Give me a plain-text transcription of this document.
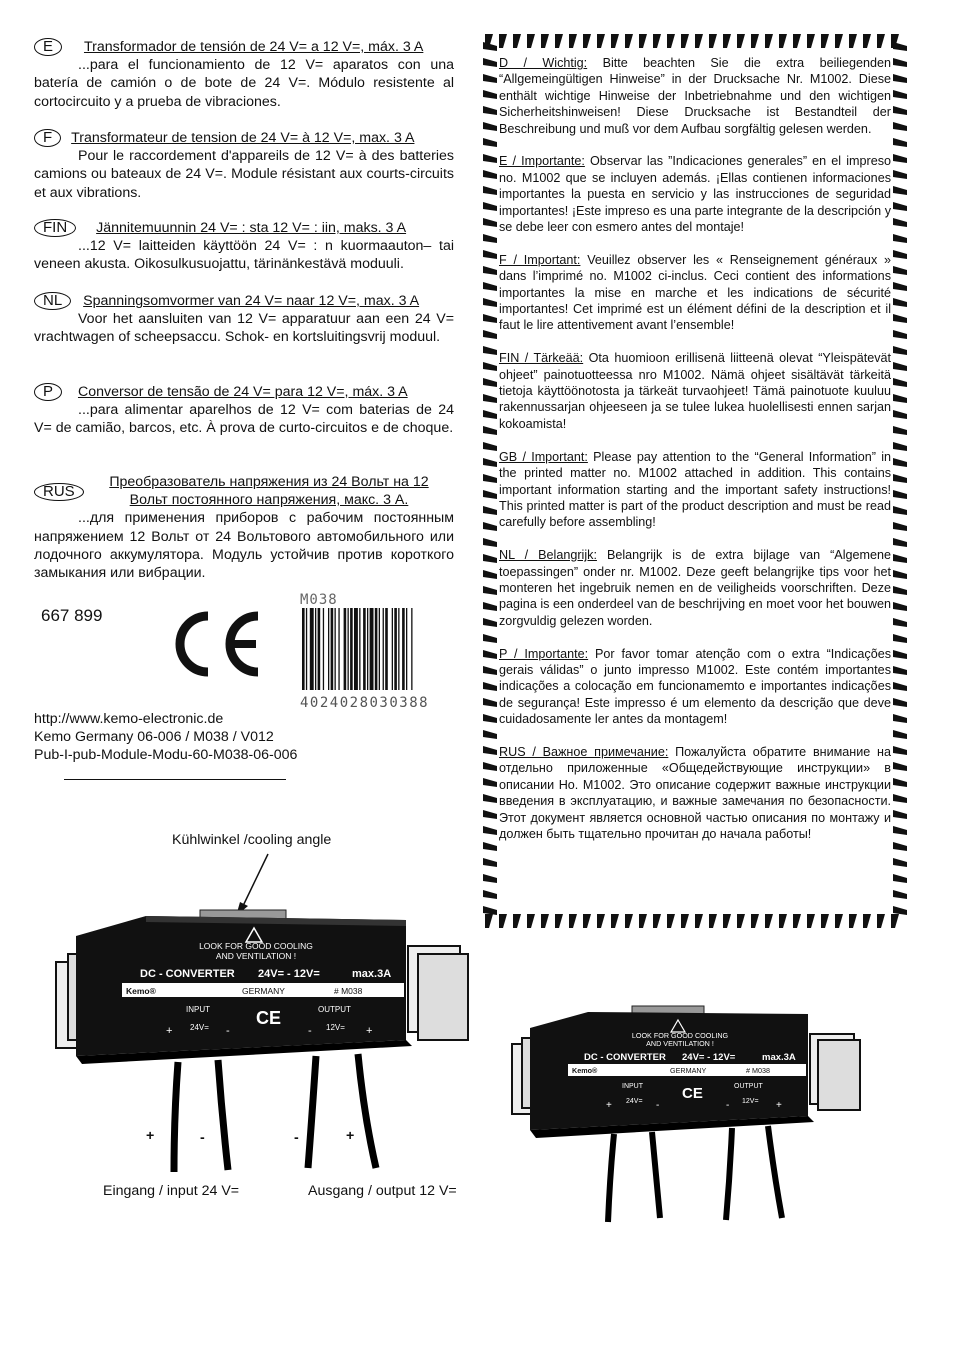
E Transformador de tensión de 24 V= a 12 V=, máx. 3 A
...para el funcionamiento de 12 V= aparatos con una batería de camión o de bote de 24 V=. Módulo resistente al cortocircuito y a prueba de vibraciones.
F Transformateur de tension de 24 V= à 12 V=, max. 3 A
Pour le raccordement d'appareils de 12 V= à des batteries camions ou bateaux de 24 V=. Module résistant aux courts-circuits et aux vibrations.
FIN Jännitemuunnin 24 V= : sta 12 V= : iin, maks. 3 A
...12 V= laitteiden käyttöön 24 V= : n kuormaauton– tai veneen akusta. Oikosulkusuojattu, tärinänkestävä moduuli.
NL Spanningsomvormer van 24 V= naar 12 V=, max. 3 A
Voor het aansluiten van 12 V= apparatuur aan een 24 V= vrachtwagen of scheepsaccu. Schok- en kortsluitingsvrij moduul.
P Conversor de tensão de 24 V= para 12 V=, máx. 3 A
...para alimentar aparelhos de 12 V= com baterias de 24 V= de camião, barcos, etc. À prova de curto-circuitos e de choque.
RUS
Преобразователь напряжения из 24 Вольт на 12 Вольт постоянного напряжения, макс. 3 А.
...для применения приборов с рабочим постоянным напряжением 12 Вольт от 24 Вольтового автомобильного или лодочного аккумулятора. Модуль устойчив против короткого замыкания или вибрации.
667 899
M038
4024028030388
http://www.kemo-electronic.de
Kemo Germany 06-006 / M038 / V012
Pub-I-pub-Module-Modu-60-M038-06-006

D / Wichtig: Bitte beachten Sie die extra beiliegenden “Allgemeingültigen Hinweise” in der Drucksache Nr. M1002. Diese enthält wichtige Hinweise der Inbetriebnahme und den wichtigen Sicherheitshinweisen! Diese Drucksache ist Bestandteil der Beschreibung und muß vor dem Aufbau sorgfältig gelesen werden.

E / Importante: Observar las ”Indicaciones generales” en el impreso no. M1002 que se incluyen además. ¡Ellas contienen informaciones importantes la puesta en servicio y las instrucciones de seguridad importantes! ¡Este impreso es una parte integrante de la descripción y se debe leer con esmero antes del montaje!

F / Important: Veuillez observer les « Renseignement généraux » dans l’imprimé no. M1002 ci-inclus. Ceci contient des informations importantes la mise en marche et les indications de sécurité importantes! Cet imprimé est un élément défini de la description et il faut le lire attentivement avant l’ensemble!

FIN / Tärkeää: Ota huomioon erillisenä liitteenä olevat “Yleispätevät ohjeet” painotuotteessa nro M1002. Nämä ohjeet sisältävät tärkeitä tietoja käyttöönotosta ja tärkeät turvaohjeet! Tämä painotuote kuuluu rakennussarjan ohjeeseen ja se tulee lukea huolellisesti ennen sarjan kokoamista!

GB / Important: Please pay attention to the “General Information” in the printed matter no. M1002 attached in addition. This contains important information starting and the important safety instructions! This printed matter is part of the product description and must be read carefully before assembling!

NL / Belangrijk: Belangrijk is de extra bijlage van “Algemene toepassingen” onder nr. M1002. Deze geeft belangrijke tips voor het monteren het ingebruik nemen en de veiligheids voorschriften. Deze pagina is een onderdeel van de beschrijving en moet voor het bouwen zorgvuldig gelezen worden.

P / Importante: Por favor tomar atenção com o extra “Indicações gerais válidas” o junto impresso M1002. Este contém importantes indicações a colocação em funcionamemto e importantes indicações de segurança! Este impresso é um elemento da descrição que deve cuidadosamente ler antes da montagem!

RUS / Важное примечание: Пожалуйста обратите внимание на отдельно приложенные «Общедействующие инструкции» в описании Но. M1002. Это описание содержит важные инструкции введения в эксплуатацию, и важные замечания по безопасности. Этот документ является основной частью описания по монтажу и должен быть тщательно прочитан до начала работы!

Kühlwinkel /cooling angle
LOOK FOR GOOD COOLING
AND VENTILATION !
DC - CONVERTER 24V= - 12V=	max.3A
Kemo®	GERMANY	# M038
INPUT
24V=
+	-
CE	OUTPUT
12V=
-	+
+	-	-	+
Eingang / input 24 V=	Ausgang / output 12 V=
LOOK FOR GOOD COOLING
AND VENTILATION !
DC - CONVERTER 24V= - 12V=	max.3A
Kemo®	GERMANY	# M038
INPUT
24V=
+	-
CE	OUTPUT
12V=
-	+
